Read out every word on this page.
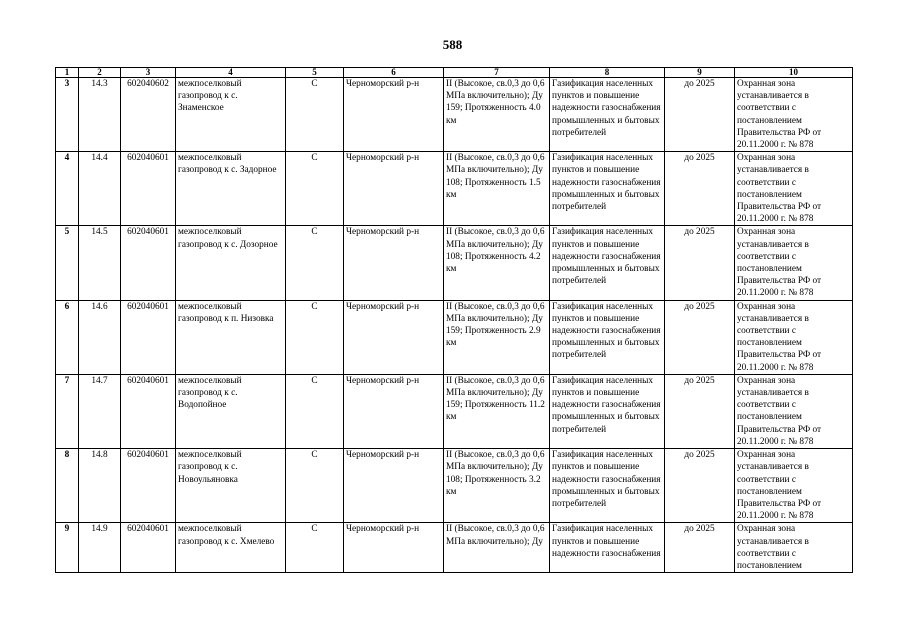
588
1	2	3	4	5	6	7	8	9	10
3	14.3	602040602	межпоселковый газопровод к с. Знаменское	С	Черноморский р-н	II (Высокое, св.0,3 до 0,6 МПа включительно); Ду 159; Протяженность 4.0 км	Газификация населенных пунктов и повышение надежности газоснабжения промышленных и бытовых потребителей	до 2025	Охранная зона устанавливается в соответствии с постановлением Правительства РФ от 20.11.2000 г. № 878
4	14.4	602040601	межпоселковый газопровод к с. Задорное	С	Черноморский р-н	II (Высокое, св.0,3 до 0,6 МПа включительно); Ду 108; Протяженность 1.5 км	Газификация населенных пунктов и повышение надежности газоснабжения промышленных и бытовых потребителей	до 2025	Охранная зона устанавливается в соответствии с постановлением Правительства РФ от 20.11.2000 г. № 878
5	14.5	602040601	межпоселковый газопровод к с. Дозорное	С	Черноморский р-н	II (Высокое, св.0,3 до 0,6 МПа включительно); Ду 108; Протяженность 4.2 км	Газификация населенных пунктов и повышение надежности газоснабжения промышленных и бытовых потребителей	до 2025	Охранная зона устанавливается в соответствии с постановлением Правительства РФ от 20.11.2000 г. № 878
6	14.6	602040601	межпоселковый газопровод к п. Низовка	С	Черноморский р-н	II (Высокое, св.0,3 до 0,6 МПа включительно); Ду 159; Протяженность 2.9 км	Газификация населенных пунктов и повышение надежности газоснабжения промышленных и бытовых потребителей	до 2025	Охранная зона устанавливается в соответствии с постановлением Правительства РФ от 20.11.2000 г. № 878
7	14.7	602040601	межпоселковый газопровод к с. Водопойное	С	Черноморский р-н	II (Высокое, св.0,3 до 0,6 МПа включительно); Ду 159; Протяженность 11.2 км	Газификация населенных пунктов и повышение надежности газоснабжения промышленных и бытовых потребителей	до 2025	Охранная зона устанавливается в соответствии с постановлением Правительства РФ от 20.11.2000 г. № 878
8	14.8	602040601	межпоселковый газопровод к с. Новоульяновка	С	Черноморский р-н	II (Высокое, св.0,3 до 0,6 МПа включительно); Ду 108; Протяженность 3.2 км	Газификация населенных пунктов и повышение надежности газоснабжения промышленных и бытовых потребителей	до 2025	Охранная зона устанавливается в соответствии с постановлением Правительства РФ от 20.11.2000 г. № 878
9	14.9	602040601	межпоселковый газопровод к с. Хмелево	С	Черноморский р-н	II (Высокое, св.0,3 до 0,6 МПа включительно); Ду	Газификация населенных пунктов и повышение надежности газоснабжения	до 2025	Охранная зона устанавливается в соответствии с постановлением
